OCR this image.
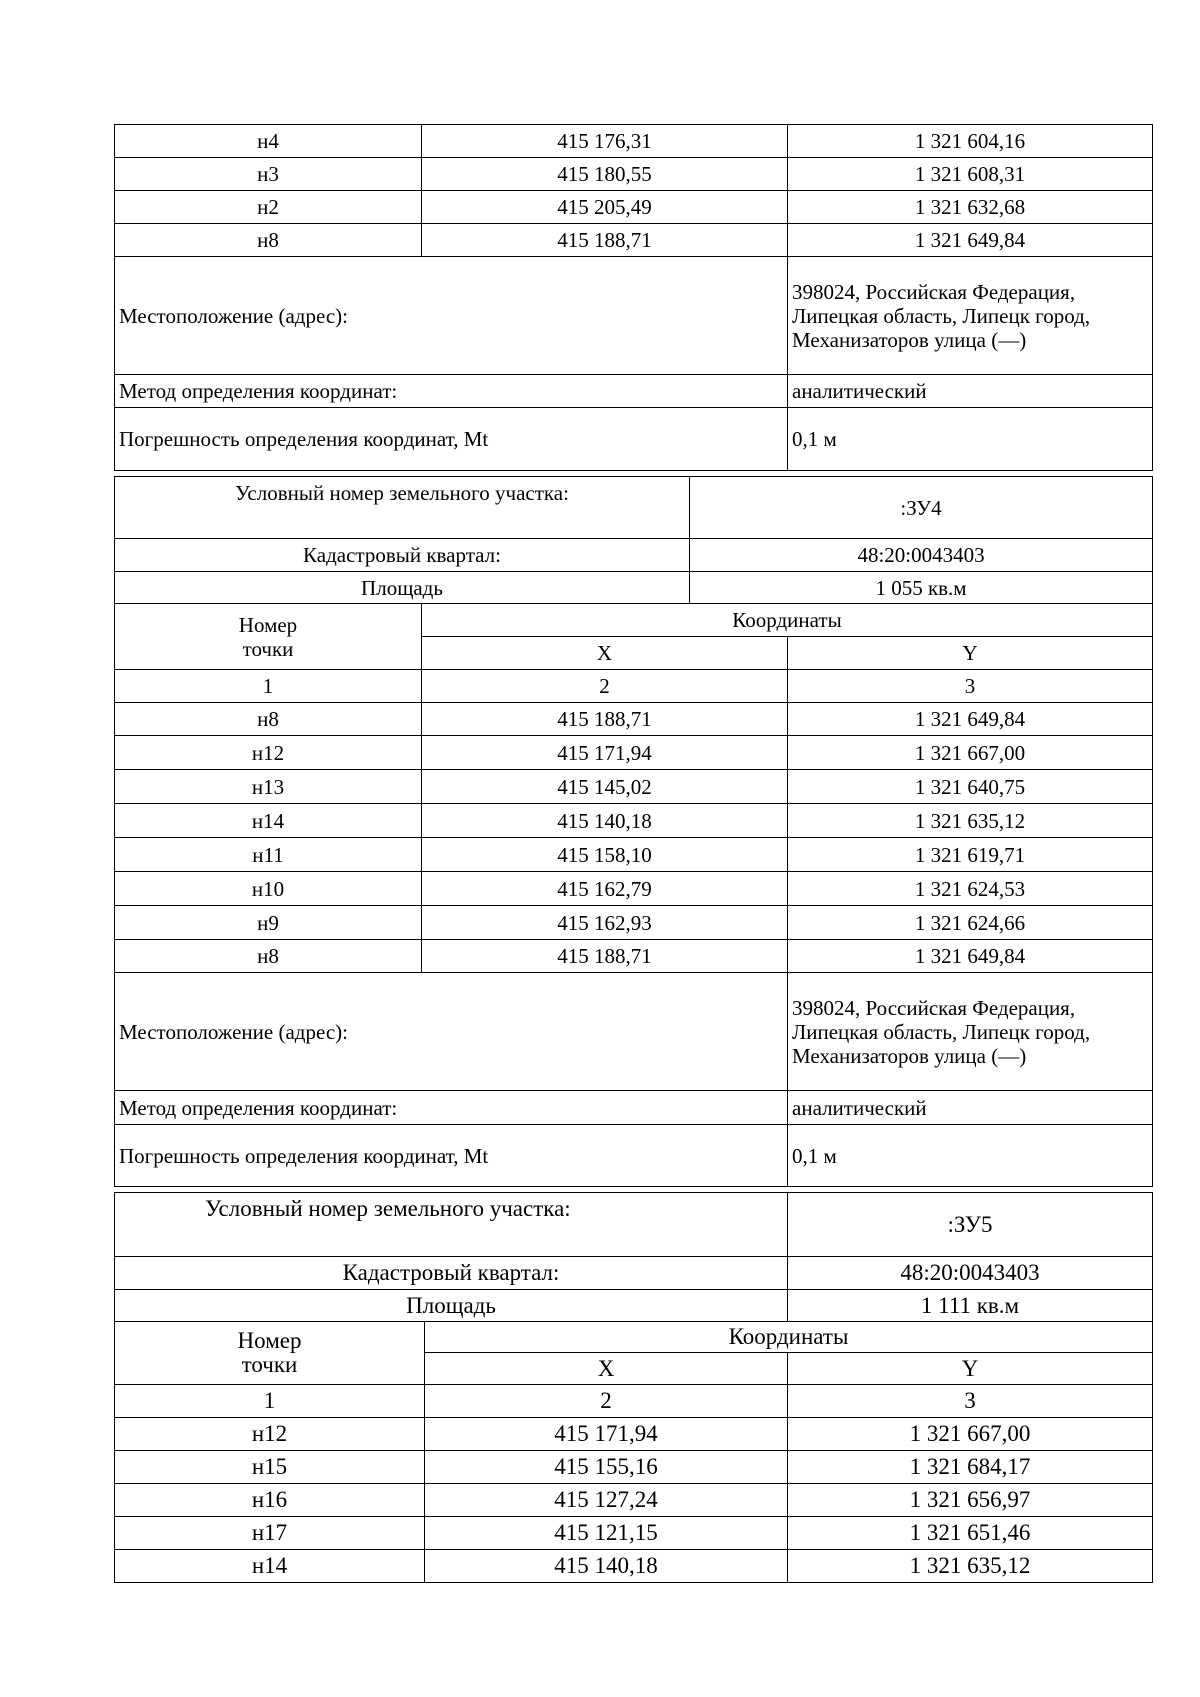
н4	415 176,31	1 321 604,16
н3	415 180,55	1 321 608,31
н2	415 205,49	1 321 632,68
н8	415 188,71	1 321 649,84
Местоположение (адрес):		398024, Российская Федерация,
Липецкая область, Липецк город,
Механизаторов улица (—)

Метод определения координат:		аналитический
Погрешность определения координат, Mt		0,1 м
Условный номер земельного участка:		:ЗУ4	
Кадастровый квартал:		48:20:0043403	
Площадь		1 055 кв.м	

Номер
точки	Координаты		
	X		Y
1	2		3
н8	415 188,71		1 321 649,84
н12	415 171,94		1 321 667,00
н13	415 145,02		1 321 640,75
н14	415 140,18		1 321 635,12
н11	415 158,10		1 321 619,71
н10	415 162,79		1 321 624,53
н9	415 162,93		1 321 624,66
н8	415 188,71		1 321 649,84
Местоположение (адрес):			398024, Российская Федерация,
Липецкая область, Липецк город,
Механизаторов улица (—)

Метод определения координат:			аналитический
Погрешность определения координат, Mt			0,1 м
Условный номер земельного участка:		:ЗУ5
Кадастровый квартал:		48:20:0043403
Площадь		1 111 кв.м

Номер
точки	Координаты	
	X	Y
1	2	3
н12	415 171,94	1 321 667,00
н15	415 155,16	1 321 684,17
н16	415 127,24	1 321 656,97
н17	415 121,15	1 321 651,46
н14	415 140,18	1 321 635,12
